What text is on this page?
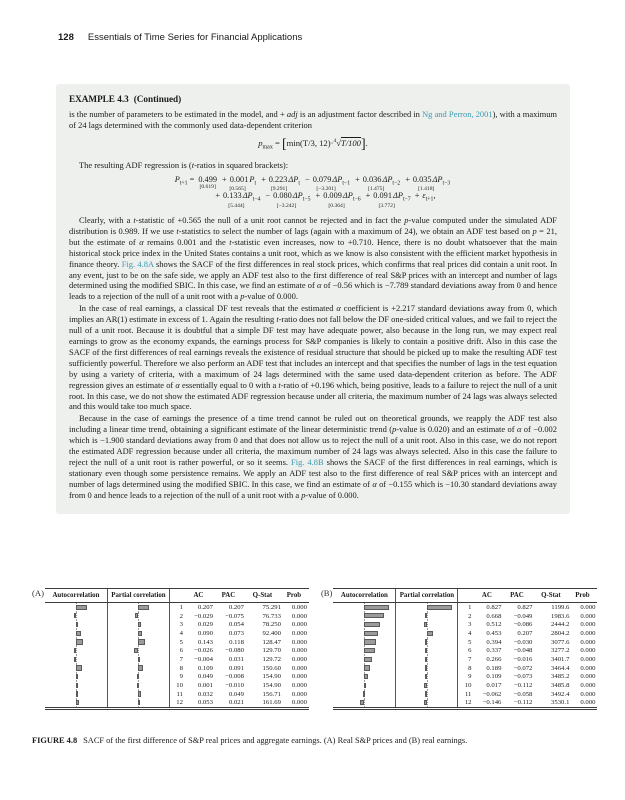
128 Essentials of Time Series for Financial Applications
EXAMPLE 4.3 (Continued)

is the number of parameters to be estimated in the model, and + adj is an adjustment factor described in Ng and Perron, 2001), with a maximum of 24 lags determined with the commonly used data-dependent criterion

$p_{max} = [\min(T/3$, 12)·$^4$√T/100].

The resulting ADF regression is (t-ratios in squared brackets):

$P_{t+1} = 0.499$
[0.619]
+ $0.001P_t$
[0.565]
+ $0.223\Delta P_t$
[9.291]
− $0.079\Delta P_{t-1}$
[−3.201]
+ $0.036\Delta P_{t-2}$
[1.475]
+ $0.035\Delta P_{t-3}$
[1.418]
+ $0.133\Delta P_{t-4}$
[5.444]
− $0.080\Delta P_{t-5}$
[−3.242]
+ $0.009\Delta P_{t-6}$
[0.364]
+ $0.091\Delta P_{t-7}$
[3.772]
+ $\varepsilon_{t+1}$,

Clearly, with a t-statistic of +0.565 the null of a unit root cannot be rejected and in fact the p-value computed under the simulated ADF distribution is 0.989. If we use t-statistics to select the number of lags (again with a maximum of 24), we obtain an ADF test based on p = 21, but the estimate of α remains 0.001 and the t-statistic even increases, now to +0.710. Hence, there is no doubt whatsoever that the main historical stock price index in the United States contains a unit root, which as we know is also consistent with the efficient market hypothesis in finance theory. Fig. 4.8A shows the SACF of the first differences in real stock prices, which confirms that real prices did contain a unit root. In any event, just to be on the safe side, we apply an ADF test also to the first difference of real S&P prices with an intercept and number of lags determined using the modified SBIC. In this case, we find an estimate of α of −0.56 which is −7.789 standard deviations away from 0 and hence leads to a rejection of the null of a unit root with a p-value of 0.000.

In the case of real earnings, a classical DF test reveals that the estimated α coefficient is +2.217 standard deviations away from 0, which implies an AR(1) estimate in excess of 1. Again the resulting t-ratio does not fall below the DF one-sided critical values, and we fail to reject the null of a unit root. Because it is doubtful that a simple DF test may have adequate power, also because in the long run, we may expect real earnings to grow as the economy expands, the earnings process for S&P companies is likely to contain a positive drift. Also in this case the SACF of the first differences of real earnings reveals the existence of residual structure that should be picked up to make the resulting ADF test sufficiently powerful. Therefore we also perform an ADF test that includes an intercept and that specifies the number of lags in the test equation by using a variety of criteria, with a maximum of 24 lags determined with the same used data-dependent criterion as before. The ADF regression gives an estimate of α essentially equal to 0 with a t-ratio of +0.196 which, being positive, leads to a failure to reject the null of a unit root. In this case, we do not show the estimated ADF regression because under all criteria, the maximum number of 24 lags was always selected and this would take too much space.

Because in the case of earnings the presence of a time trend cannot be ruled out on theoretical grounds, we reapply the ADF test also including a linear time trend, obtaining a significant estimate of the linear deterministic trend (p-value is 0.020) and an estimate of α of −0.002 which is −1.900 standard deviations away from 0 and that does not allow us to reject the null of a unit root. Also in this case, we do not report the estimated ADF regression because under all criteria, the maximum number of 24 lags was always selected. Also in this case the failure to reject the null of a unit root is rather powerful, or so it seems. Fig. 4.8B shows the SACF of the first differences in real earnings, which is stationary even though some persistence remains. We apply an ADF test also to the first difference of real S&P prices with an intercept and number of lags determined using the modified SBIC. In this case, we find an estimate of α of −0.155 which is −10.30 standard deviations away from 0 and hence leads to a rejection of the null of a unit root with a p-value of 0.000.

(A)	Autocorrelation	Partial correlation	AC	PAC	Q-Stat	Prob
1	0.207	0.207	75.291	0.000
2	−0.029	−0.075	76.733	0.000
3	0.029	0.054	78.250	0.000
4	0.090	0.073	92.400	0.000
5	0.143	0.118	128.47	0.000
6	−0.026	−0.080	129.70	0.000
7	−0.004	0.031	129.72	0.000
8	0.109	0.091	150.60	0.000
9	0.049	−0.008	154.90	0.000
10	0.001	−0.010	154.90	0.000
11	0.032	0.049	156.71	0.000
12	0.053	0.021	161.69	0.000
(B)	Autocorrelation	Partial correlation	AC	PAC	Q-Stat	Prob
1	0.827	0.827	1199.6	0.000
2	0.668	−0.049	1983.6	0.000
3	0.512	−0.086	2444.2	0.000
4	0.453	0.207	2804.2	0.000
5	0.394	−0.030	3077.6	0.000
6	0.337	−0.048	3277.2	0.000
7	0.266	−0.016	3401.7	0.000
8	0.189	−0.072	3464.4	0.000
9	0.109	−0.073	3485.2	0.000
10	0.017	−0.112	3485.8	0.000
11	−0.062	−0.058	3492.4	0.000
12	−0.146	−0.112	3530.1	0.000
FIGURE 4.8 SACF of the first difference of S&P real prices and aggregate earnings. (A) Real S&P prices and (B) real earnings.
